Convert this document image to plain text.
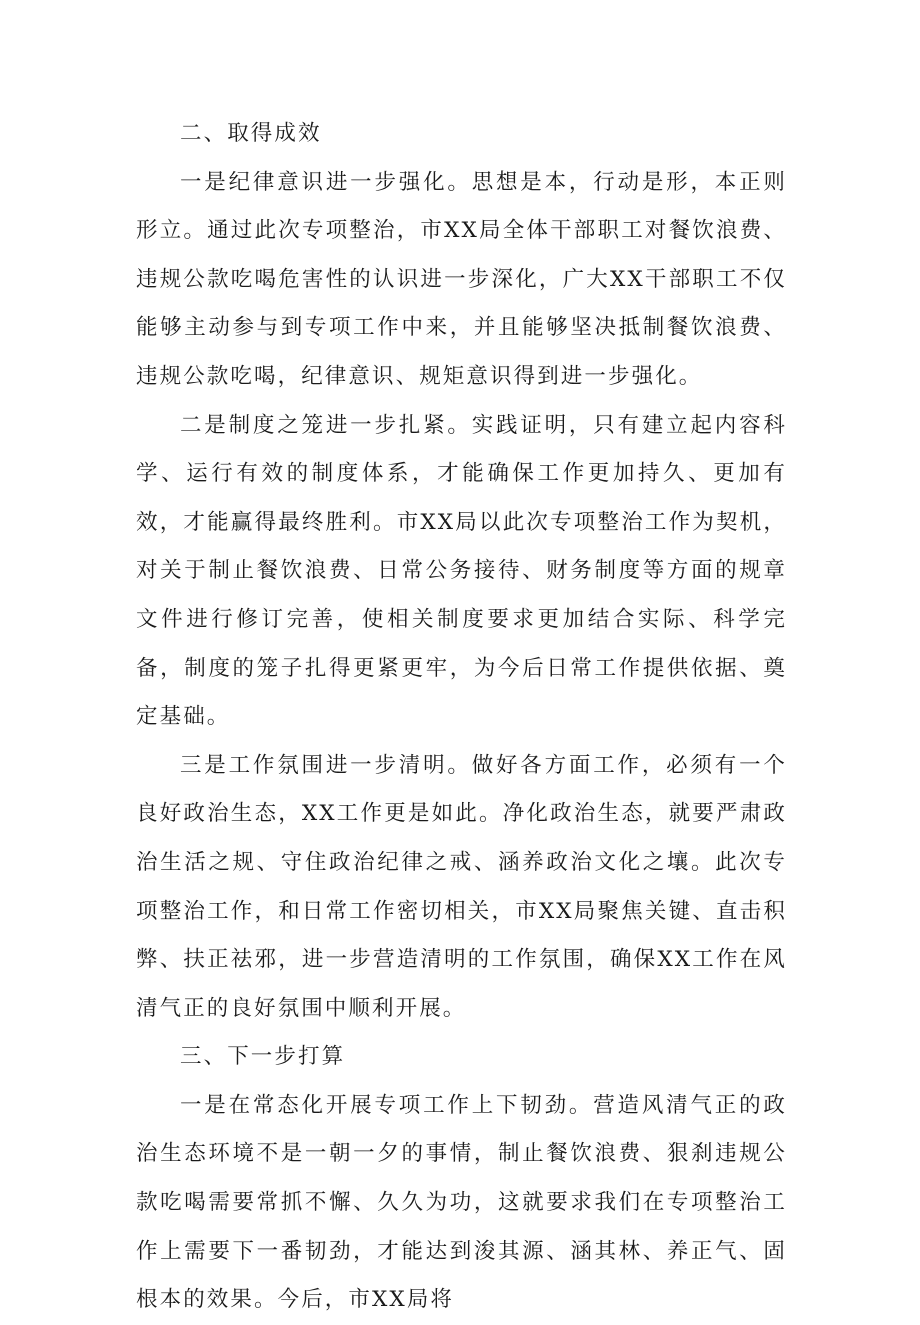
二、取得成效

一是纪律意识进一步强化。思想是本，行动是形，本正则形立。通过此次专项整治，市XX局全体干部职工对餐饮浪费、违规公款吃喝危害性的认识进一步深化，广大XX干部职工不仅能够主动参与到专项工作中来，并且能够坚决抵制餐饮浪费、违规公款吃喝，纪律意识、规矩意识得到进一步强化。

二是制度之笼进一步扎紧。实践证明，只有建立起内容科学、运行有效的制度体系，才能确保工作更加持久、更加有效，才能赢得最终胜利。市XX局以此次专项整治工作为契机，对关于制止餐饮浪费、日常公务接待、财务制度等方面的规章文件进行修订完善，使相关制度要求更加结合实际、科学完备，制度的笼子扎得更紧更牢，为今后日常工作提供依据、奠定基础。

三是工作氛围进一步清明。做好各方面工作，必须有一个良好政治生态，XX工作更是如此。净化政治生态，就要严肃政治生活之规、守住政治纪律之戒、涵养政治文化之壤。此次专项整治工作，和日常工作密切相关，市XX局聚焦关键、直击积弊、扶正祛邪，进一步营造清明的工作氛围，确保XX工作在风清气正的良好氛围中顺利开展。

三、下一步打算

一是在常态化开展专项工作上下韧劲。营造风清气正的政治生态环境不是一朝一夕的事情，制止餐饮浪费、狠刹违规公款吃喝需要常抓不懈、久久为功，这就要求我们在专项整治工作上需要下一番韧劲，才能达到浚其源、涵其林、养正气、固根本的效果。今后，市XX局将
